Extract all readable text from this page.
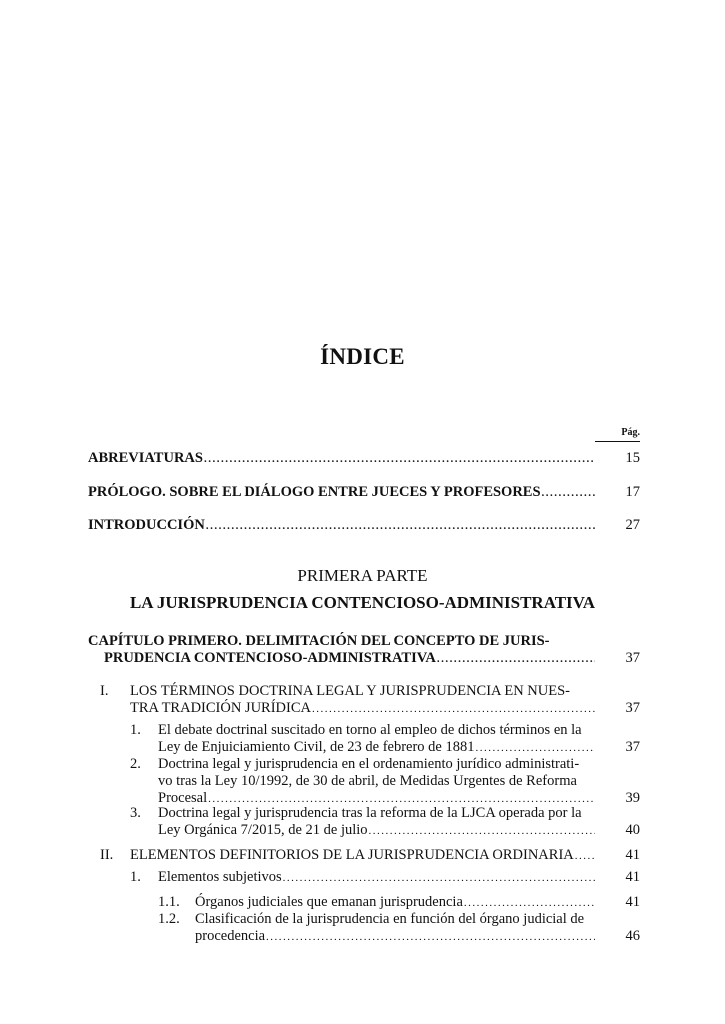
ÍNDICE
Pág.
ABREVIATURAS .....	15
PRÓLOGO. SOBRE EL DIÁLOGO ENTRE JUECES Y PROFESORES .....	17
INTRODUCCIÓN .....	27
PRIMERA PARTE
LA JURISPRUDENCIA CONTENCIOSO-ADMINISTRATIVA
CAPÍTULO PRIMERO. DELIMITACIÓN DEL CONCEPTO DE JURIS-
PRUDENCIA CONTENCIOSO-ADMINISTRATIVA .....	37
I. LOS TÉRMINOS DOCTRINA LEGAL Y JURISPRUDENCIA EN NUES-
TRA TRADICIÓN JURÍDICA .....	37
1. El debate doctrinal suscitado en torno al empleo de dichos términos en la
Ley de Enjuiciamiento Civil, de 23 de febrero de 1881 .....	37
2. Doctrina legal y jurisprudencia en el ordenamiento jurídico administrati-
vo tras la Ley 10/1992, de 30 de abril, de Medidas Urgentes de Reforma
Procesal .....	39
3. Doctrina legal y jurisprudencia tras la reforma de la LJCA operada por la
Ley Orgánica 7/2015, de 21 de julio .....	40
II. ELEMENTOS DEFINITORIOS DE LA JURISPRUDENCIA ORDINARIA .....	41
1. Elementos subjetivos .....	41
1.1. Órganos judiciales que emanan jurisprudencia .....	41
1.2. Clasificación de la jurisprudencia en función del órgano judicial de
procedencia .....	46
